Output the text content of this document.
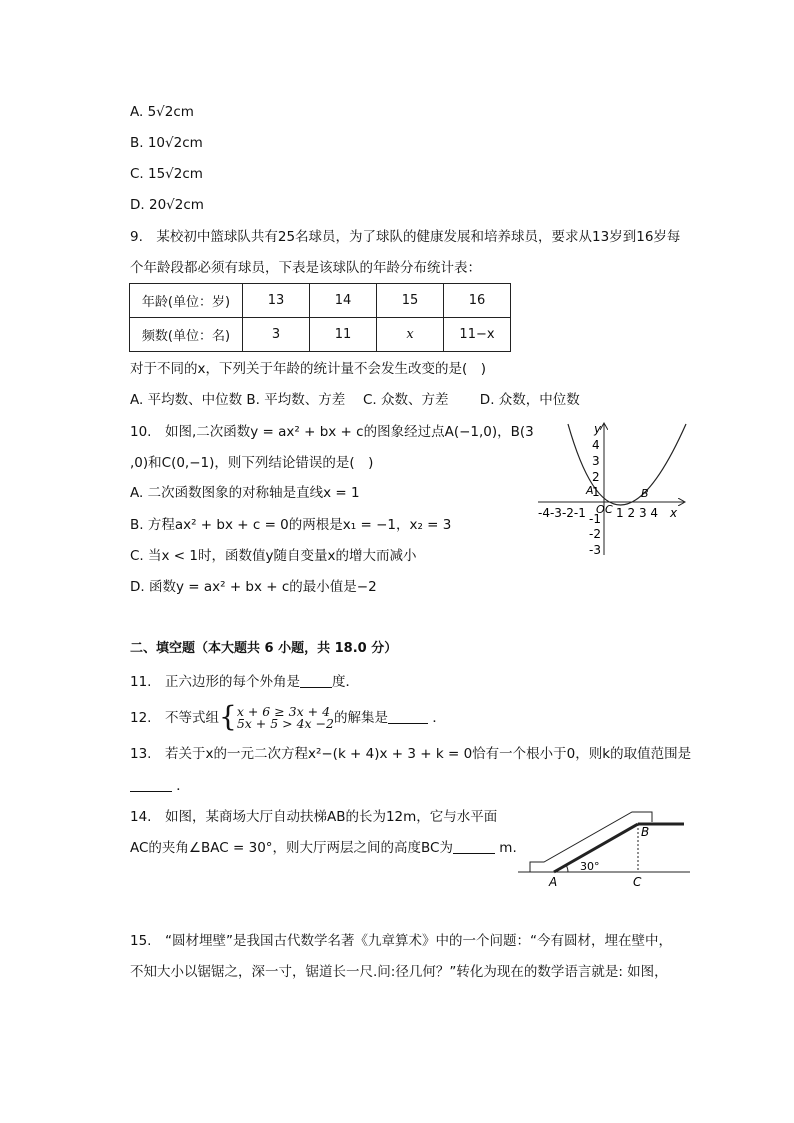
A. 5√2cm
B. 10√2cm
C. 15√2cm
D. 20√2cm
9.　某校初中篮球队共有25名球员，为了球队的健康发展和培养球员，要求从13岁到16岁每
个年龄段都必须有球员，下表是该球队的年龄分布统计表：
年龄(单位：岁)	13	14	15	16
频数(单位：名)	3	11	x	11−x
对于不同的x，下列关于年龄的统计量不会发生改变的是(　)
A. 平均数、中位数 B. 平均数、方差　 C. 众数、方差　　 D. 众数，中位数
10.　如图,二次函数y = ax² + bx + c的图象经过点A(−1,0)，B(3
,0)和C(0,−1)，则下列结论错误的是(　)
A. 二次函数图象的对称轴是直线x = 1
B. 方程ax² + bx + c = 0的两根是x₁ = −1，x₂ = 3
C. 当x < 1时，函数值y随自变量x的增大而减小
D. 函数y = ax² + bx + c的最小值是−2
-4-3-2-1	1 2 3 4 x
y
4
3
2
1
-1
-2
-3
A
O C
B
二、填空题（本大题共 6 小题，共 18.0 分）
11.　正六边形的每个外角是 度．
12.　不等式组{ x + 6 ≥ 3x + 4
5x + 5 > 4x −2 的解集是	．
13.　若关于x的一元二次方程x²−(k + 4)x + 3 + k = 0恰有一个根小于0，则k的取值范围是
．
14.　如图，某商场大厅自动扶梯AB的长为12m，它与水平面
AC的夹角∠BAC = 30°，则大厅两层之间的高度BC为	m.
A
B
C
30°
15.　“圆材埋壁”是我国古代数学名著《九章算术》中的一个问题：“今有圆材，埋在壁中，
不知大小以锯锯之，深一寸，锯道长一尺.问:径几何？”转化为现在的数学语言就是: 如图，
